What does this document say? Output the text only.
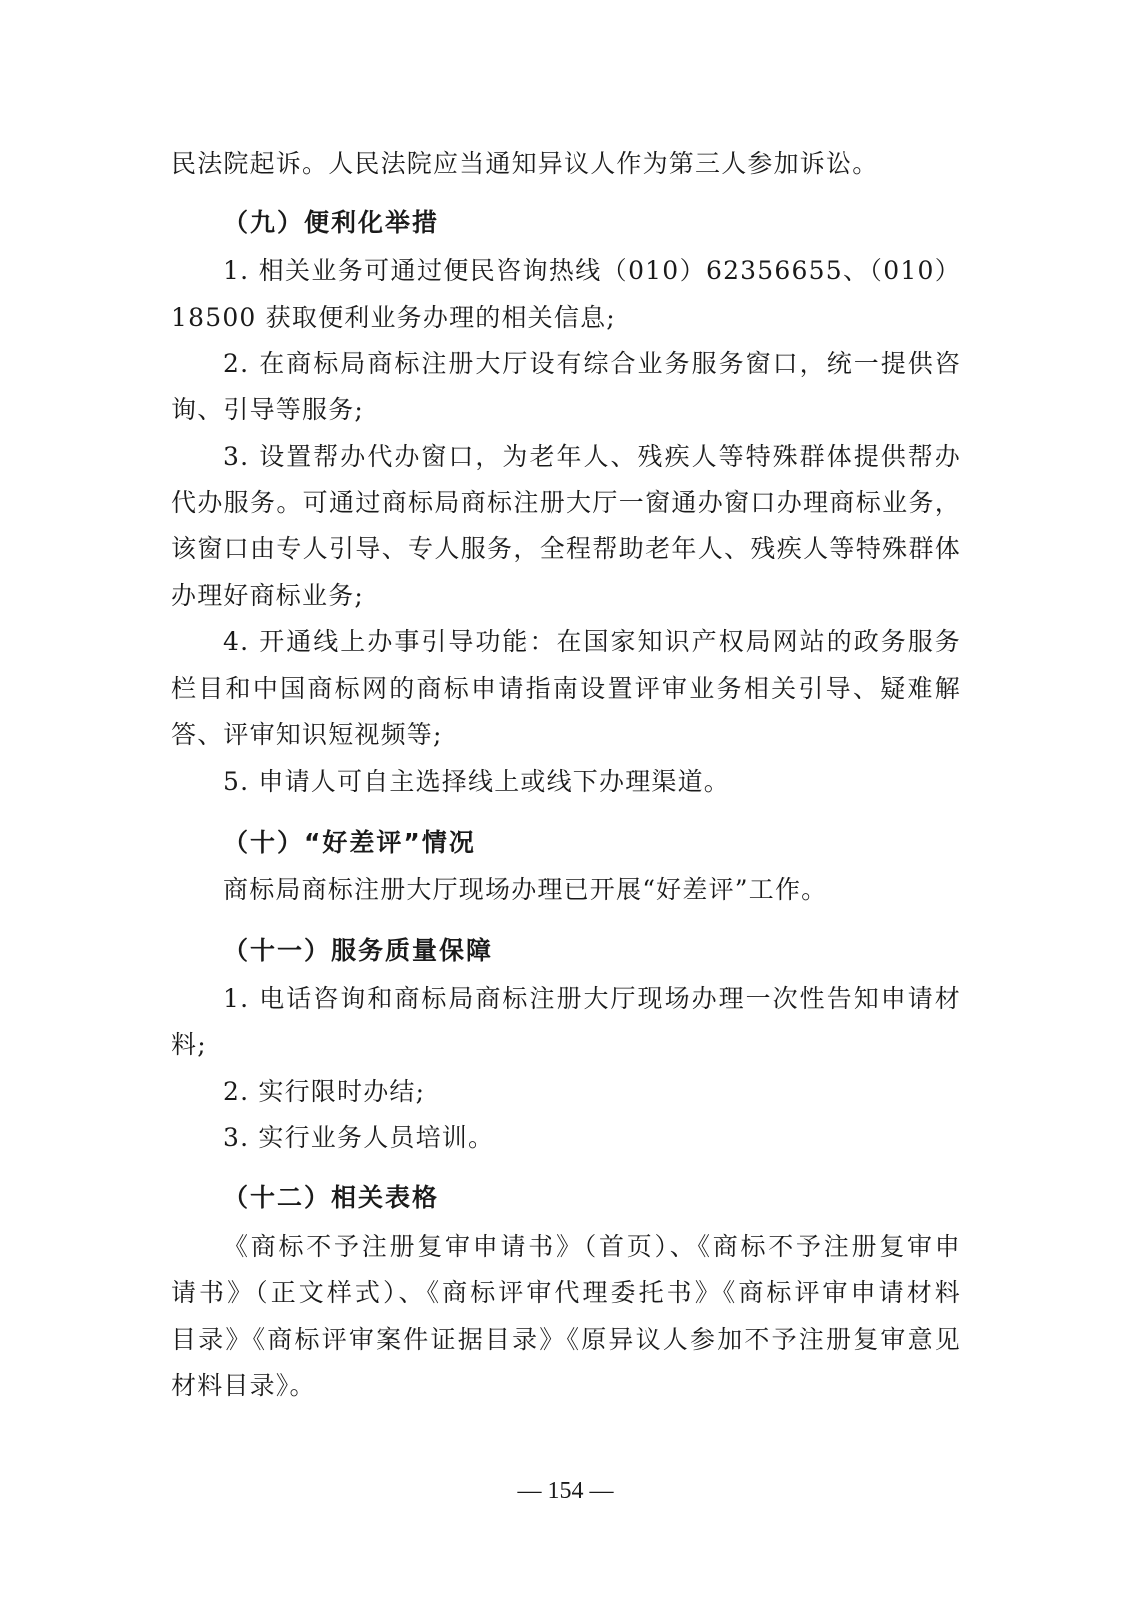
民法院起诉。人民法院应当通知异议人作为第三人参加诉讼。
（九）便利化举措
1. 相关业务可通过便民咨询热线（010）62356655、（010）
18500 获取便利业务办理的相关信息;
2. 在商标局商标注册大厅设有综合业务服务窗口，统一提供咨
询、引导等服务;
3. 设置帮办代办窗口，为老年人、残疾人等特殊群体提供帮办
代办服务。可通过商标局商标注册大厅一窗通办窗口办理商标业务，
该窗口由专人引导、专人服务，全程帮助老年人、残疾人等特殊群体
办理好商标业务;
4. 开通线上办事引导功能：在国家知识产权局网站的政务服务
栏目和中国商标网的商标申请指南设置评审业务相关引导、疑难解
答、评审知识短视频等;
5. 申请人可自主选择线上或线下办理渠道。
（十）“好差评”情况
商标局商标注册大厅现场办理已开展“好差评”工作。
（十一）服务质量保障
1. 电话咨询和商标局商标注册大厅现场办理一次性告知申请材
料;
2. 实行限时办结;
3. 实行业务人员培训。
（十二）相关表格
《商标不予注册复审申请书》（首页）、《商标不予注册复审申
请书》（正文样式）、《商标评审代理委托书》《商标评审申请材料
目录》《商标评审案件证据目录》《原异议人参加不予注册复审意见
材料目录》。
— 154 —
